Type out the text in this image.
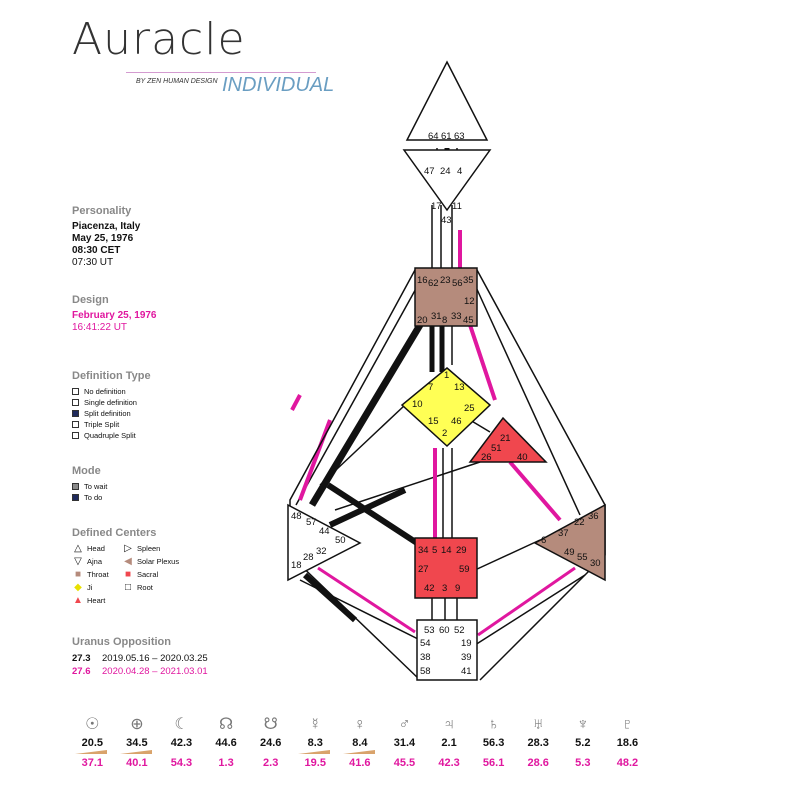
Auracle
BY ZEN HUMAN DESIGN INDIVIDUAL
Personality
Piacenza, Italy
May 25, 1976
08:30 CET
07:30 UT
Design
February 25, 1976
16:41:22 UT
Definition Type
No definition
Single definition
Split definition
Triple Split
Quadruple Split
Mode
To wait
To do
Defined Centers
△ Head ▷ Spleen
▽ Ajna ◀ Solar Plexus
■ Throat ■ Sacral
◆ Ji	□ Root
▲ Heart
Uranus Opposition
27.3	2019.05.16 – 2020.03.25
27.6	2020.04.28 – 2021.03.01
64 61 63
47 24 4
17 11
43
16 62 23 56 35
12
20 31 8 33 45
1
7 13
10	25
15 46
2	21
51
26	40
48
57
44
50
32
28
18
36
22
37
6
49 55
30
34 5 14 29
27	59
42 3 9
53 60 52
54	19
38	39
58	41
☉	⊕	☾	☊	☋	☿	♀	♂	♃	♄	♅	♆	♇
20.5	34.5	42.3	44.6	24.6	8.3	8.4	31.4	2.1	56.3	28.3	5.2	18.6
37.1	40.1	54.3	1.3	2.3	19.5	41.6	45.5	42.3	56.1	28.6	5.3	48.2
